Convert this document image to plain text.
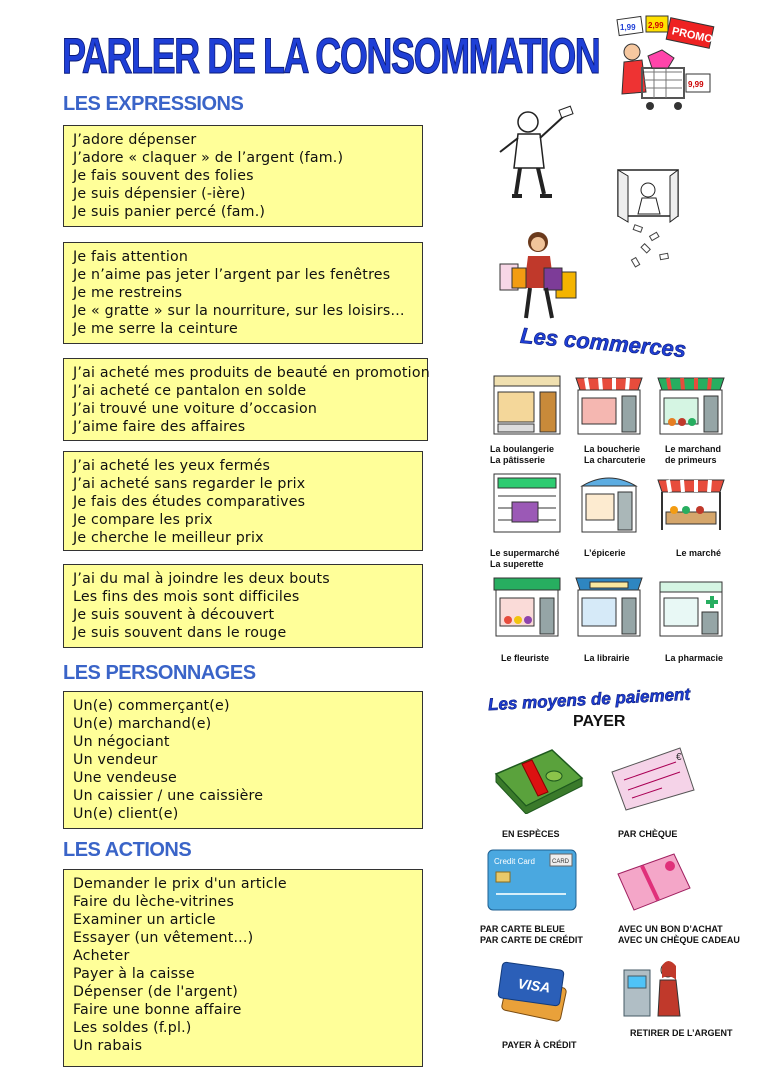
PARLER DE LA CONSOMMATION
1,99 2,99 PROMO
9,99
LES EXPRESSIONS
J’adore dépenser
J’adore « claquer » de l’argent (fam.)
Je fais souvent des folies
Je suis dépensier (-ière)
Je suis panier percé (fam.)
Je fais attention
Je n’aime pas jeter l’argent par les fenêtres
Je me restreins
Je « gratte » sur la nourriture, sur les loisirs…
Je me serre la ceinture
J’ai acheté mes produits de beauté en promotion
J’ai acheté ce pantalon en solde
J’ai trouvé une voiture d’occasion
J’aime faire des affaires
J’ai acheté les yeux fermés
J’ai acheté sans regarder le prix
Je fais des études comparatives
Je compare les prix
Je cherche le meilleur prix
J’ai du mal à joindre les deux bouts
Les fins des mois sont difficiles
Je suis souvent à découvert
Je suis souvent dans le rouge
LES PERSONNAGES
Un(e) commerçant(e)
Un(e) marchand(e)
Un négociant
Un vendeur
Une vendeuse
Un caissier / une caissière
Un(e) client(e)
LES ACTIONS
Demander le prix d'un article
Faire du lèche-vitrines
Examiner un article
Essayer (un vêtement...)
Acheter
Payer à la caisse
Dépenser (de l'argent)
Faire une bonne affaire
Les soldes (f.pl.)
Un rabais
Les commerces
La boulangerie
La pâtisserie
La boucherie
La charcuterie
Le marchand
de primeurs
Le supermarché
La superette
L’épicerie	Le marché
Le fleuriste	La librairie	La pharmacie
Les moyens de paiement
PAYER
€
EN ESPÈCES	PAR CHÈQUE
Credit Card	CARD
PAR CARTE BLEUE
PAR CARTE DE CRÉDIT
AVEC UN BON D’ACHAT
AVEC UN CHÈQUE CADEAU
VISA
PAYER À CRÉDIT
RETIRER DE L’ARGENT
